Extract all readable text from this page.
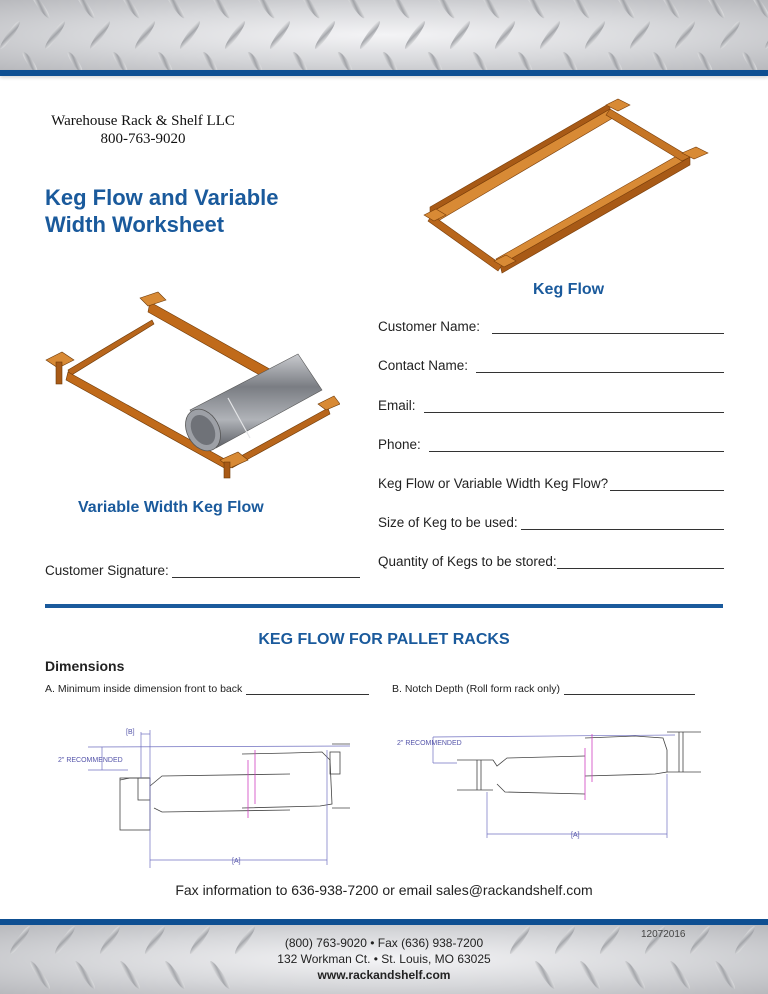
Warehouse Rack & Shelf LLC
800-763-9020
Keg Flow and Variable
Width Worksheet
Keg Flow
Variable Width Keg Flow
Customer Name:
Contact Name:
Email:
Phone:
Keg Flow or Variable Width Keg Flow?
Size of Keg to be used:
Quantity of Kegs to be stored:
Customer Signature:
KEG FLOW FOR PALLET RACKS
Dimensions
A. Minimum inside dimension front to back	B. Notch Depth (Roll form rack only)
[B]
2" RECOMMENDED
[A]
2" RECOMMENDED
[A]
Fax information to 636-938-7200 or email sales@rackandshelf.com
(800) 763-9020 • Fax (636) 938-7200
132 Workman Ct. • St. Louis, MO 63025
www.rackandshelf.com
12072016
